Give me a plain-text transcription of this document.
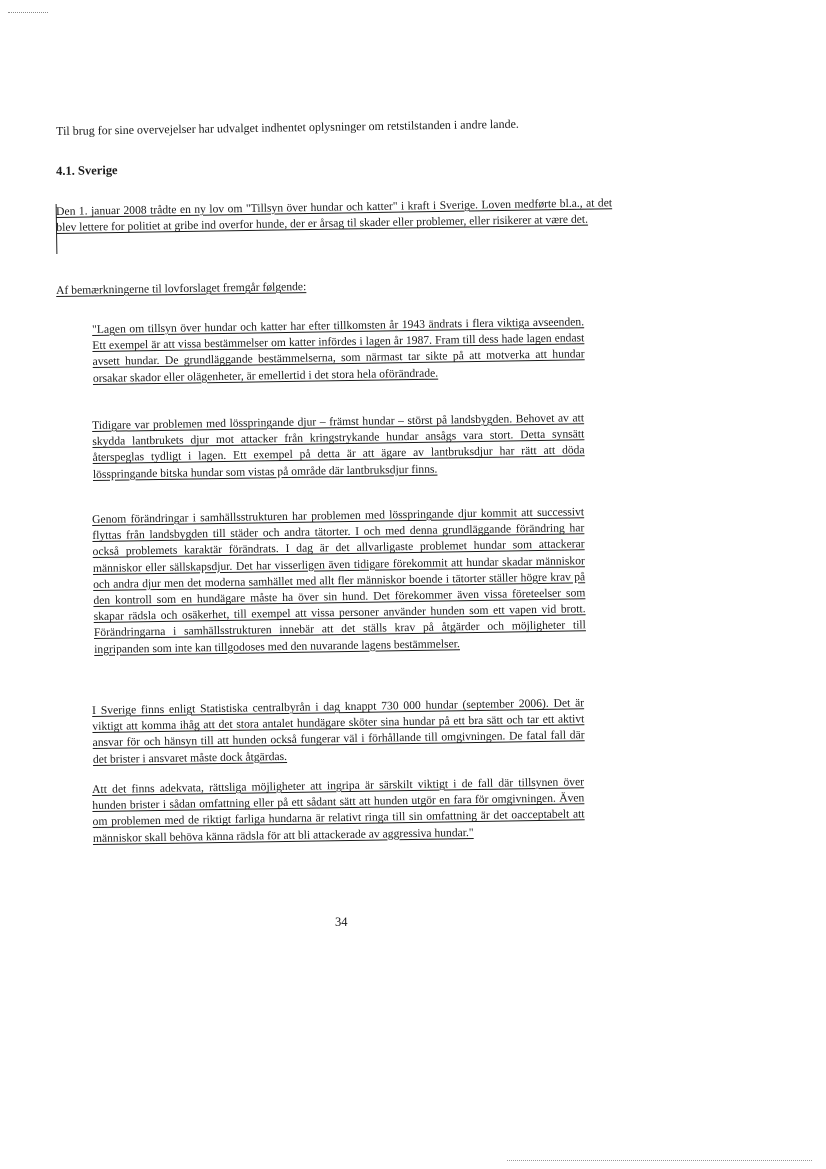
Til brug for sine overvejelser har udvalget indhentet oplysninger om retstilstanden i andre lande.
4.1. Sverige
Den 1. januar 2008 trådte en ny lov om "Tillsyn över hundar och katter" i kraft i Sverige. Loven medførte bl.a., at det blev lettere for politiet at gribe ind overfor hunde, der er årsag til skader eller problemer, eller risikerer at være det.
Af bemærkningerne til lovforslaget fremgår følgende:
"Lagen om tillsyn över hundar och katter har efter tillkomsten år 1943 ändrats i flera viktiga avseenden. Ett exempel är att vissa bestämmelser om katter infördes i lagen år 1987. Fram till dess hade lagen endast avsett hundar. De grundläggande bestämmelserna, som närmast tar sikte på att motverka att hundar orsakar skador eller olägenheter, är emellertid i det stora hela oförändrade.
Tidigare var problemen med lösspringande djur – främst hundar – störst på landsbygden. Behovet av att skydda lantbrukets djur mot attacker från kringstrykande hundar ansågs vara stort. Detta synsätt återspeglas tydligt i lagen. Ett exempel på detta är att ägare av lantbruksdjur har rätt att döda lösspringande bitska hundar som vistas på område där lantbruksdjur finns.
Genom förändringar i samhällsstrukturen har problemen med lösspringande djur kommit att successivt flyttas från landsbygden till städer och andra tätorter. I och med denna grundläggande förändring har också problemets karaktär förändrats. I dag är det allvarligaste problemet hundar som attackerar människor eller sällskapsdjur. Det har visserligen även tidigare förekommit att hundar skadar människor och andra djur men det moderna samhället med allt fler människor boende i tätorter ställer högre krav på den kontroll som en hundägare måste ha över sin hund. Det förekommer även vissa företeelser som skapar rädsla och osäkerhet, till exempel att vissa personer använder hunden som ett vapen vid brott. Förändringarna i samhällsstrukturen innebär att det ställs krav på åtgärder och möjligheter till ingripanden som inte kan tillgodoses med den nuvarande lagens bestämmelser.
I Sverige finns enligt Statistiska centralbyrån i dag knappt 730 000 hundar (september 2006). Det är viktigt att komma ihåg att det stora antalet hundägare sköter sina hundar på ett bra sätt och tar ett aktivt ansvar för och hänsyn till att hunden också fungerar väl i förhållande till omgivningen. De fatal fall där det brister i ansvaret måste dock åtgärdas.
Att det finns adekvata, rättsliga möjligheter att ingripa är särskilt viktigt i de fall där tillsynen över hunden brister i sådan omfattning eller på ett sådant sätt att hunden utgör en fara för omgivningen. Även om problemen med de riktigt farliga hundarna är relativt ringa till sin omfattning är det oacceptabelt att människor skall behöva känna rädsla för att bli attackerade av aggressiva hundar."
34
